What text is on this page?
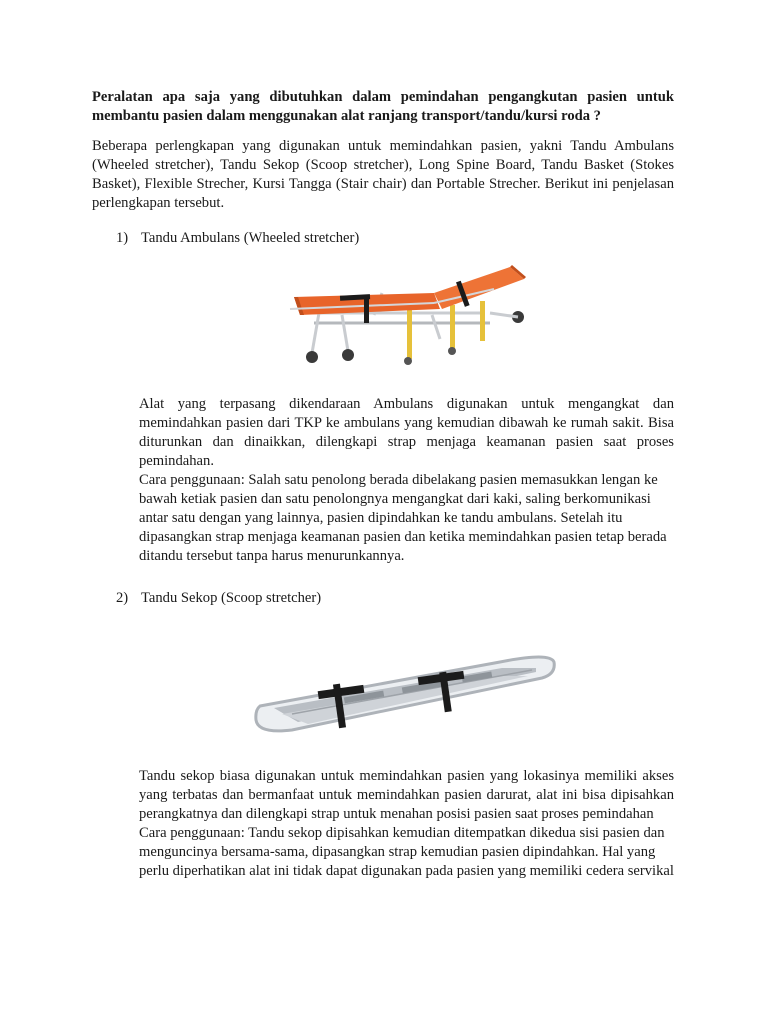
Peralatan apa saja yang dibutuhkan dalam pemindahan pengangkutan pasien untuk membantu pasien dalam menggunakan alat ranjang transport/tandu/kursi roda ?
Beberapa perlengkapan yang digunakan untuk memindahkan pasien, yakni Tandu Ambulans (Wheeled stretcher), Tandu Sekop (Scoop stretcher), Long Spine Board, Tandu Basket (Stokes Basket), Flexible Strecher, Kursi Tangga (Stair chair) dan Portable Strecher. Berikut ini penjelasan perlengkapan tersebut.
1) Tandu Ambulans (Wheeled stretcher)

Alat yang terpasang dikendaraan Ambulans digunakan untuk mengangkat dan memindahkan pasien dari TKP ke ambulans yang kemudian dibawah ke rumah sakit. Bisa diturunkan dan dinaikkan, dilengkapi strap menjaga keamanan pasien saat proses pemindahan.

Cara penggunaan: Salah satu penolong berada dibelakang pasien memasukkan lengan ke bawah ketiak pasien dan satu penolongnya mengangkat dari kaki, saling berkomunikasi antar satu dengan yang lainnya, pasien dipindahkan ke tandu ambulans. Setelah itu dipasangkan strap menjaga keamanan pasien dan ketika memindahkan pasien tetap berada ditandu tersebut tanpa harus menurunkannya.

2) Tandu Sekop (Scoop stretcher)

Tandu sekop biasa digunakan untuk memindahkan pasien yang lokasinya memiliki akses yang terbatas dan bermanfaat untuk memindahkan pasien darurat, alat ini bisa dipisahkan perangkatnya dan dilengkapi strap untuk menahan posisi pasien saat proses pemindahan

Cara penggunaan: Tandu sekop dipisahkan kemudian ditempatkan dikedua sisi pasien dan menguncinya bersama-sama, dipasangkan strap kemudian pasien dipindahkan. Hal yang perlu diperhatikan alat ini tidak dapat digunakan pada pasien yang memiliki cedera servikal
